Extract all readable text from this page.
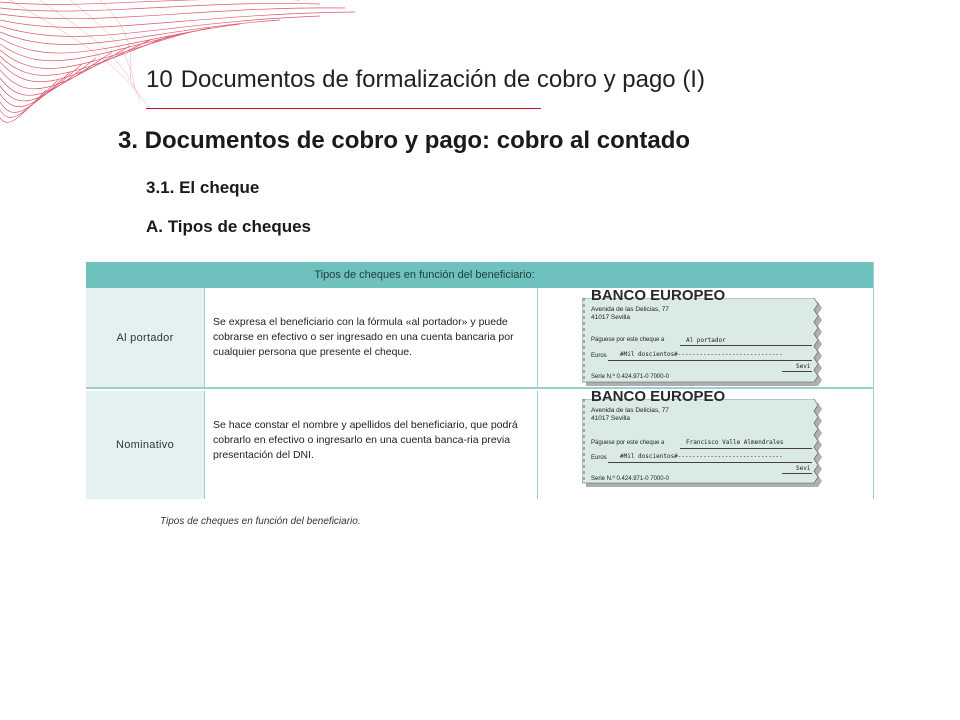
10 Documentos de formalización de cobro y pago (I)
3. Documentos de cobro y pago: cobro al contado
3.1. El cheque
A. Tipos de cheques
Tipos de cheques en función del beneficiario:
Al portador
Se expresa el beneficiario con la fórmula «al portador» y puede cobrarse en efectivo o ser ingresado en una cuenta bancaria por cualquier persona que presente el cheque.
BANCO EUROPEO
Avenida de las Delicias, 77
41017 Sevilla
Páguese por este cheque a	Al portador
Euros #Mil doscientos#-----------------------------
Sevi
Serie N.º 0.424.971-0 7000-0
Nominativo
Se hace constar el nombre y apellidos del beneficiario, que podrá cobrarlo en efectivo o ingresarlo en una cuenta banca-ria previa presentación del DNI.
BANCO EUROPEO
Avenida de las Delicias, 77
41017 Sevilla
Páguese por este cheque a	Francisco Valle Almendrales
Euros #Mil doscientos#-----------------------------
Sevi
Serie N.º 0.424.971-0 7000-0
Tipos de cheques en función del beneficiario.
